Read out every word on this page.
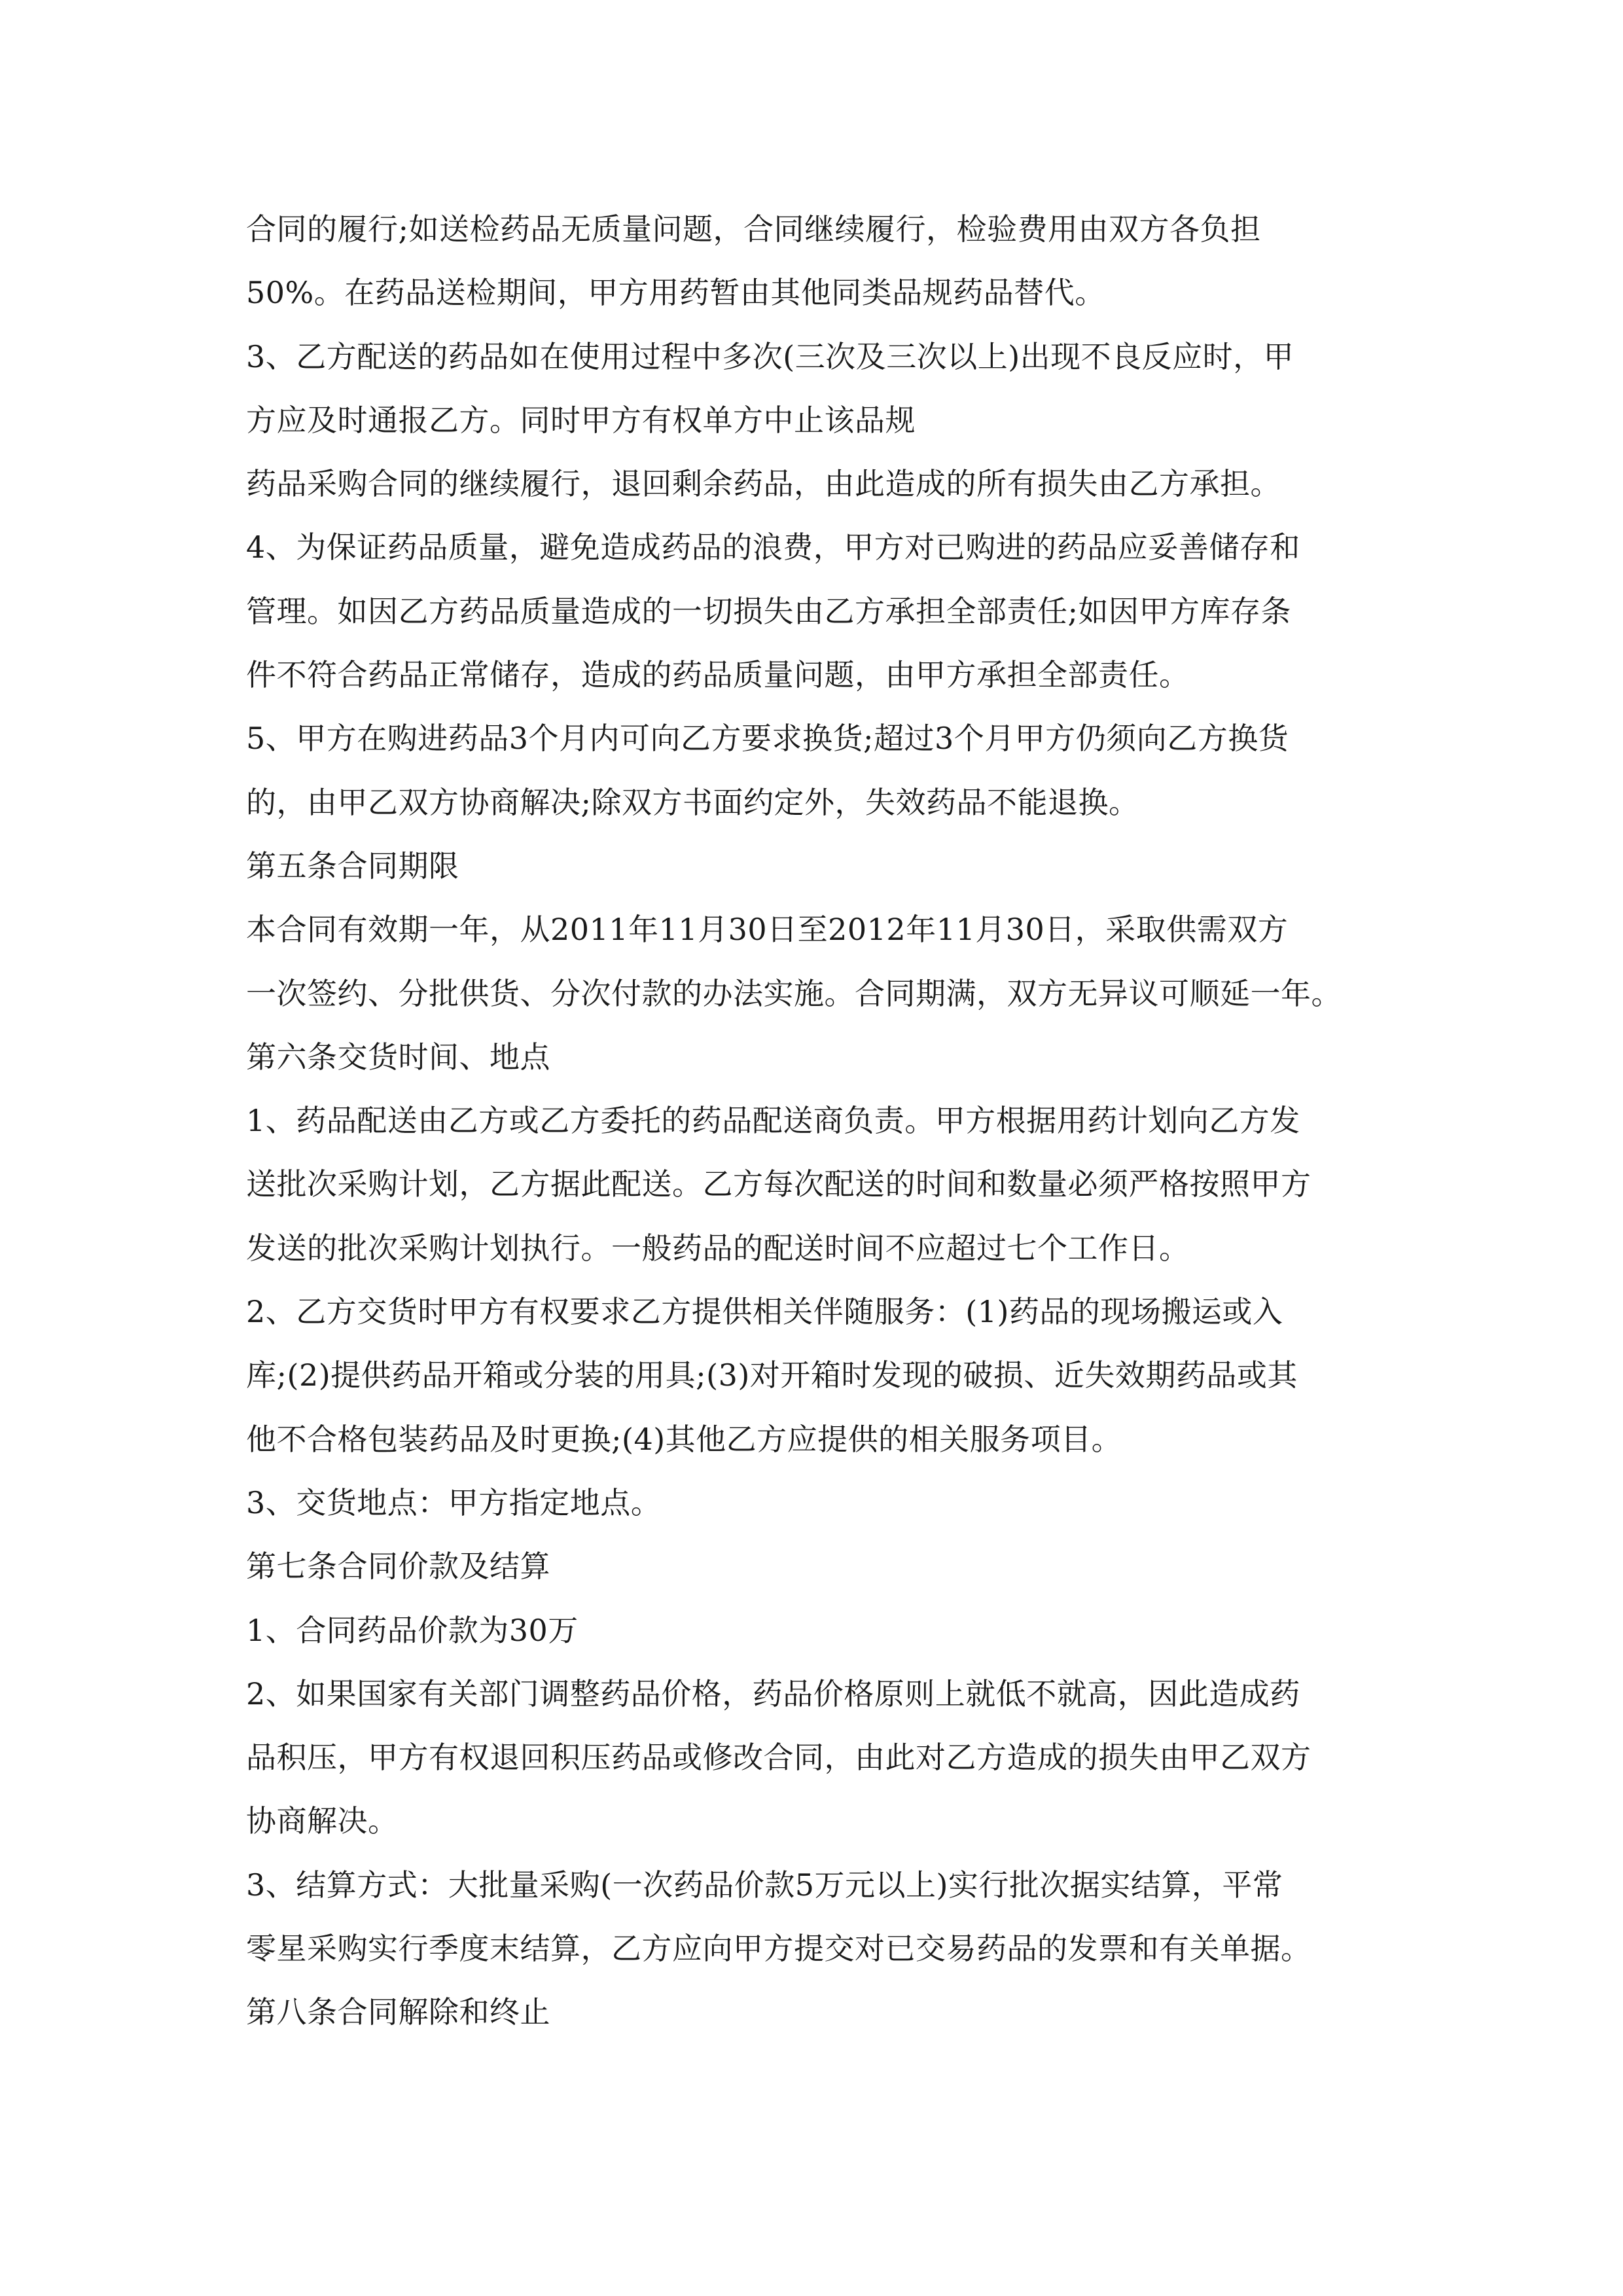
合同的履行;如送检药品无质量问题，合同继续履行，检验费用由双方各负担
50%。在药品送检期间，甲方用药暂由其他同类品规药品替代。
3、乙方配送的药品如在使用过程中多次(三次及三次以上)出现不良反应时，甲
方应及时通报乙方。同时甲方有权单方中止该品规
药品采购合同的继续履行，退回剩余药品，由此造成的所有损失由乙方承担。
4、为保证药品质量，避免造成药品的浪费，甲方对已购进的药品应妥善储存和
管理。如因乙方药品质量造成的一切损失由乙方承担全部责任;如因甲方库存条
件不符合药品正常储存，造成的药品质量问题，由甲方承担全部责任。
5、甲方在购进药品3个月内可向乙方要求换货;超过3个月甲方仍须向乙方换货
的，由甲乙双方协商解决;除双方书面约定外，失效药品不能退换。
第五条合同期限
本合同有效期一年，从2011年11月30日至2012年11月30日，采取供需双方
一次签约、分批供货、分次付款的办法实施。合同期满，双方无异议可顺延一年。
第六条交货时间、地点
1、药品配送由乙方或乙方委托的药品配送商负责。甲方根据用药计划向乙方发
送批次采购计划，乙方据此配送。乙方每次配送的时间和数量必须严格按照甲方
发送的批次采购计划执行。一般药品的配送时间不应超过七个工作日。
2、乙方交货时甲方有权要求乙方提供相关伴随服务：(1)药品的现场搬运或入
库;(2)提供药品开箱或分装的用具;(3)对开箱时发现的破损、近失效期药品或其
他不合格包装药品及时更换;(4)其他乙方应提供的相关服务项目。
3、交货地点：甲方指定地点。
第七条合同价款及结算
1、合同药品价款为30万
2、如果国家有关部门调整药品价格，药品价格原则上就低不就高，因此造成药
品积压，甲方有权退回积压药品或修改合同，由此对乙方造成的损失由甲乙双方
协商解决。
3、结算方式：大批量采购(一次药品价款5万元以上)实行批次据实结算，平常
零星采购实行季度末结算，乙方应向甲方提交对已交易药品的发票和有关单据。
第八条合同解除和终止
